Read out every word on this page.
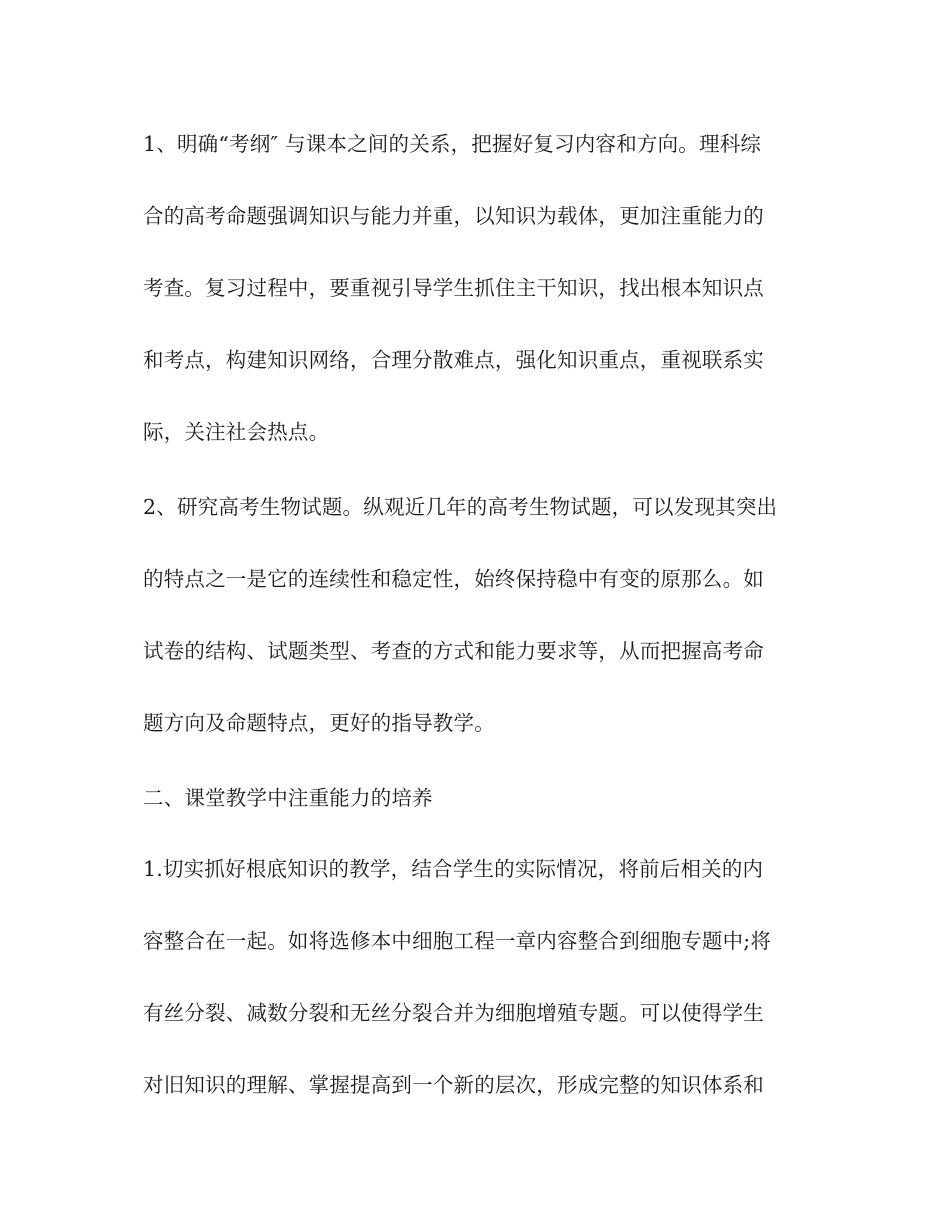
1、明确“考纲″ 与课本之间的关系，把握好复习内容和方向。理科综
合的高考命题强调知识与能力并重，以知识为载体，更加注重能力的
考查。复习过程中，要重视引导学生抓住主干知识，找出根本知识点
和考点，构建知识网络，合理分散难点，强化知识重点，重视联系实
际，关注社会热点。
2、研究高考生物试题。纵观近几年的高考生物试题，可以发现其突出
的特点之一是它的连续性和稳定性，始终保持稳中有变的原那么。如
试卷的结构、试题类型、考查的方式和能力要求等，从而把握高考命
题方向及命题特点，更好的指导教学。
二、课堂教学中注重能力的培养
1.切实抓好根底知识的教学，结合学生的实际情况，将前后相关的内
容整合在一起。如将选修本中细胞工程一章内容整合到细胞专题中;将
有丝分裂、减数分裂和无丝分裂合并为细胞增殖专题。可以使得学生
对旧知识的理解、掌握提高到一个新的层次，形成完整的知识体系和
